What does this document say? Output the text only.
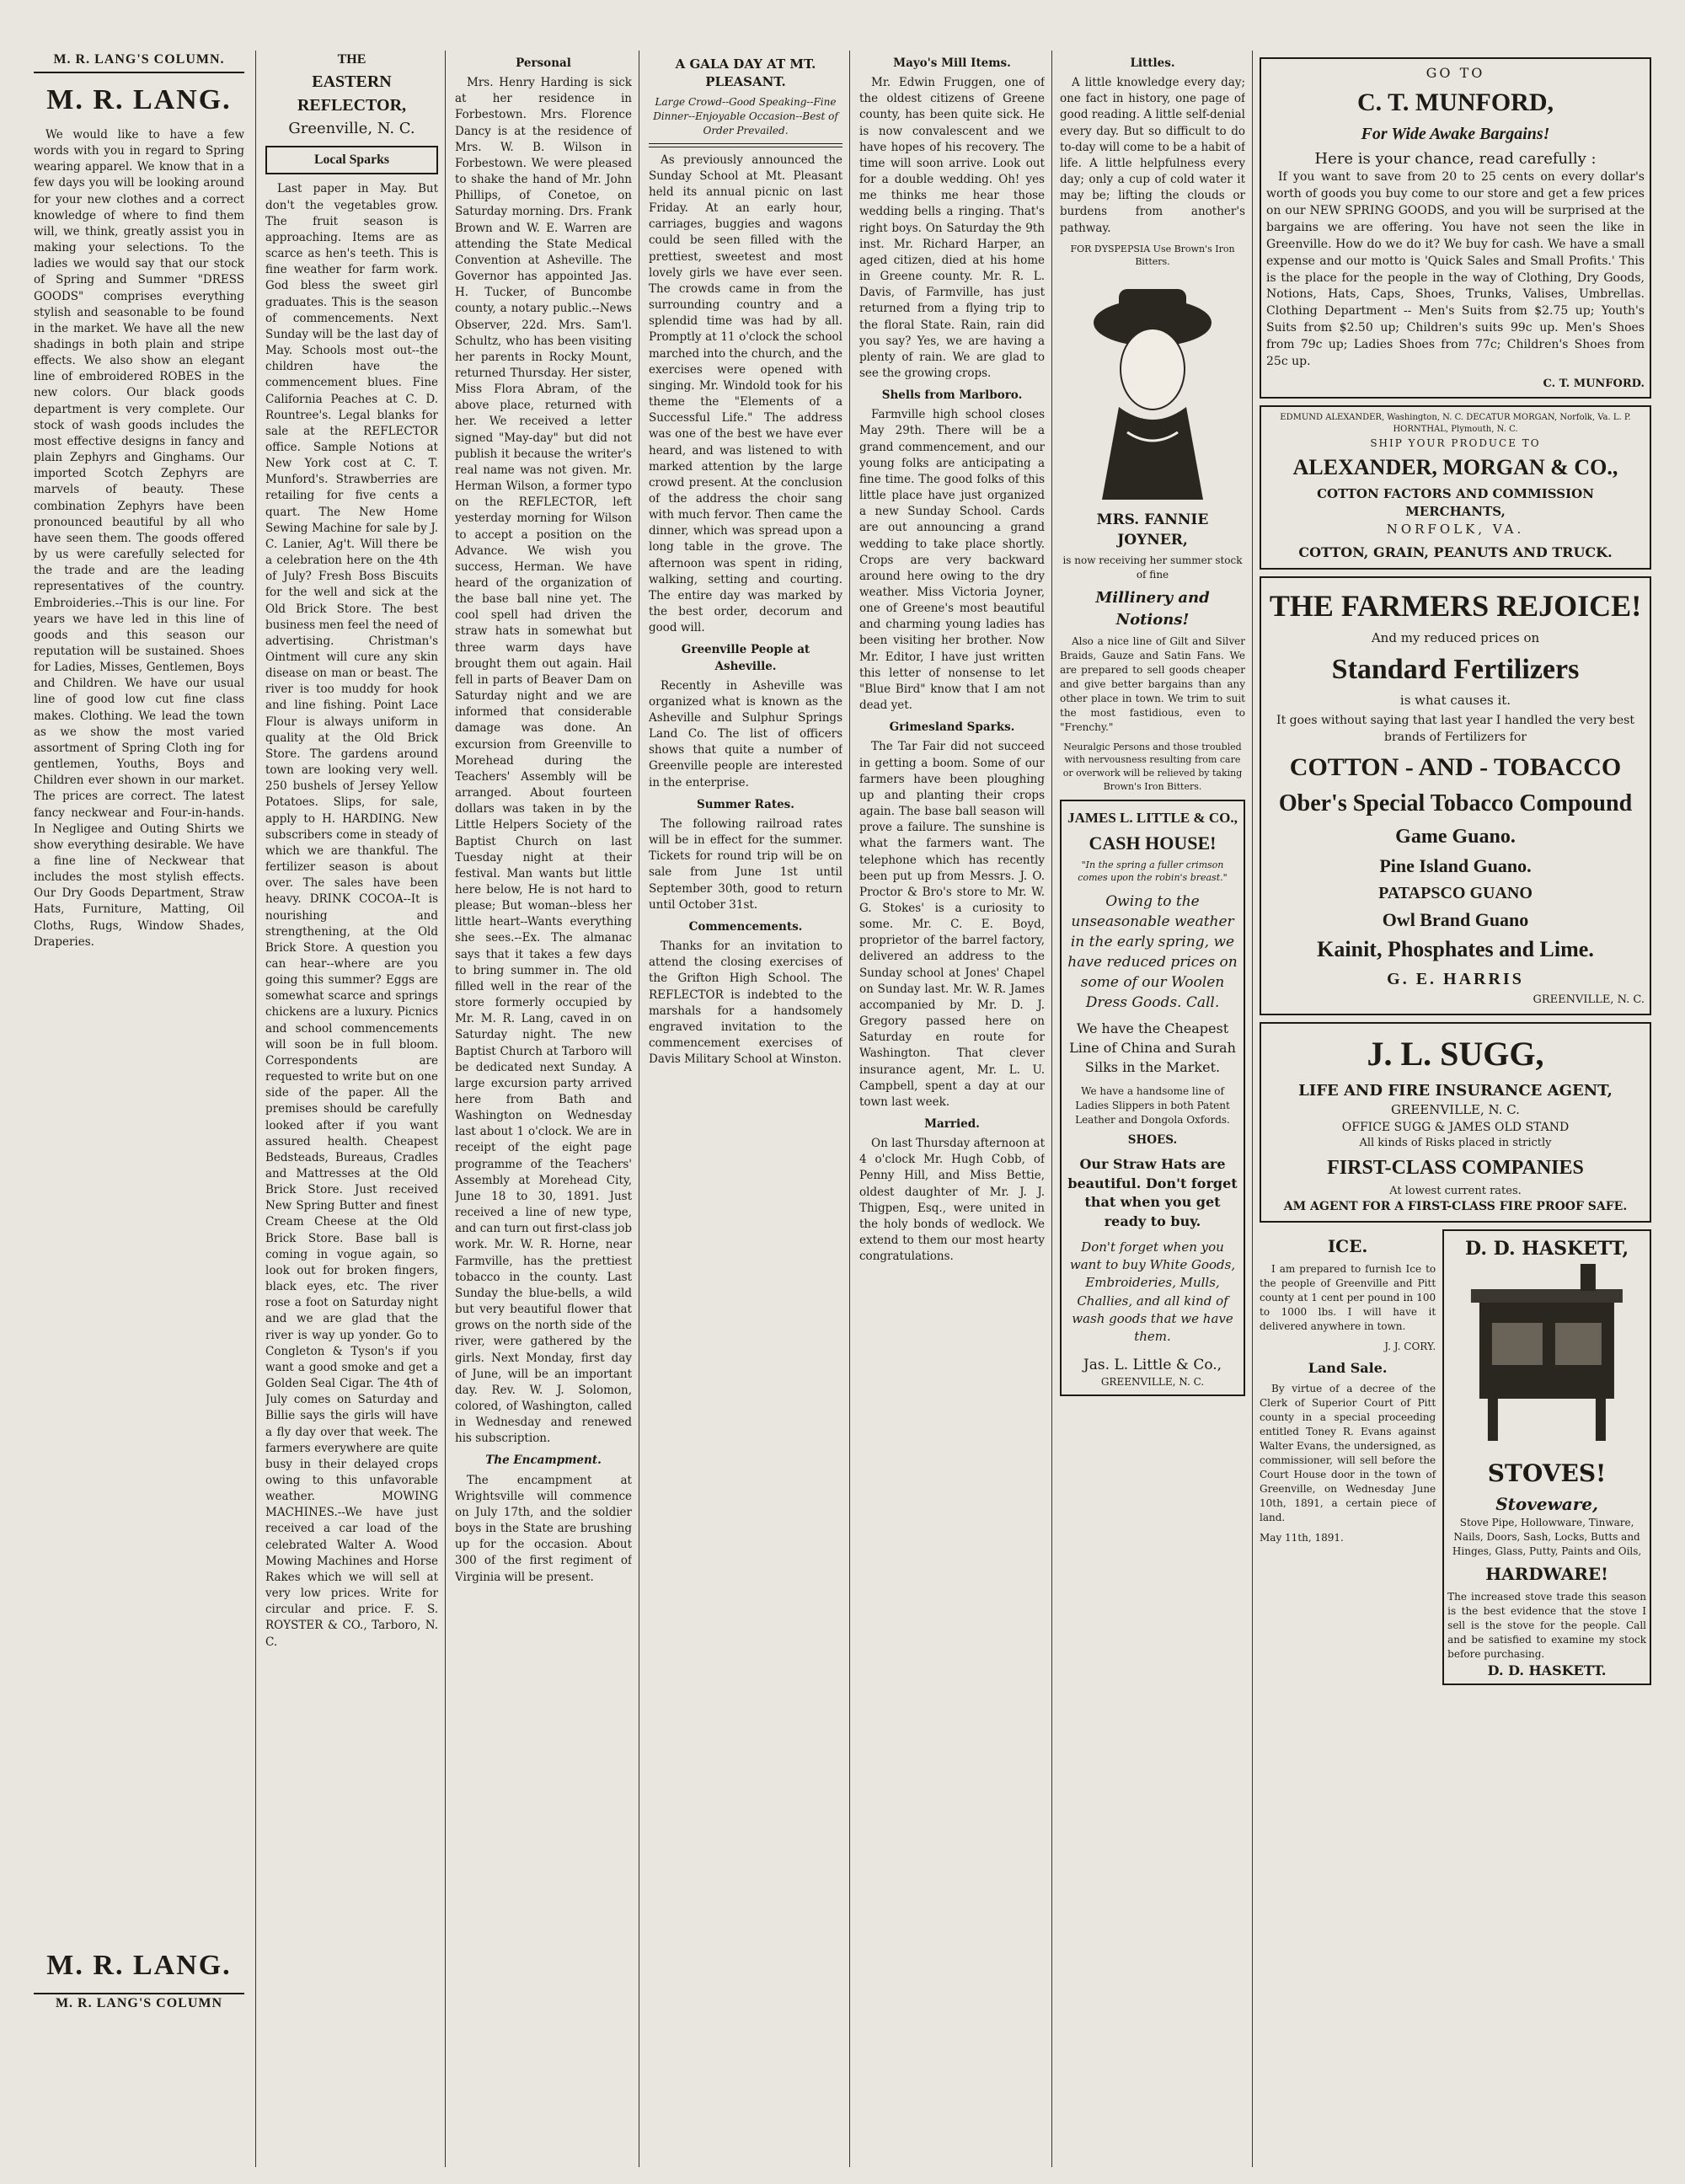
M. R. LANG'S COLUMN.
M. R. LANG.

We would like to have a few words with you in regard to Spring wearing apparel. We know that in a few days you will be looking around for your new clothes and a correct knowledge of where to find them will, we think, greatly assist you in making your selections. To the ladies we would say that our stock of Spring and Summer "DRESS GOODS" comprises everything stylish and seasonable to be found in the market. We have all the new shadings in both plain and stripe effects. We also show an elegant line of embroidered ROBES in the new colors. Our black goods department is very complete. Our stock of wash goods includes the most effective designs in fancy and plain Zephyrs and Ginghams. Our imported Scotch Zephyrs are marvels of beauty. These combination Zephyrs have been pronounced beautiful by all who have seen them. The goods offered by us were carefully selected for the trade and are the leading representatives of the country. Embroideries.--This is our line. For years we have led in this line of goods and this season our reputation will be sustained. Shoes for Ladies, Misses, Gentlemen, Boys and Children. We have our usual line of good low cut fine class makes. Clothing. We lead the town as we show the most varied assortment of Spring Cloth ing for gentlemen, Youths, Boys and Children ever shown in our market. The prices are correct. The latest fancy neckwear and Four-in-hands. In Negligee and Outing Shirts we show everything desirable. We have a fine line of Neckwear that includes the most stylish effects. Our Dry Goods Department, Straw Hats, Furniture, Matting, Oil Cloths, Rugs, Window Shades, Draperies.

M. R. LANG.
M. R. LANG'S COLUMN
THE
EASTERN REFLECTOR,
Greenville, N. C.
Local Sparks

Last paper in May. But don't the vegetables grow. The fruit season is approaching. Items are as scarce as hen's teeth. This is fine weather for farm work. God bless the sweet girl graduates. This is the season of commencements. Next Sunday will be the last day of May. Schools most out--the children have the commencement blues. Fine California Peaches at C. D. Rountree's. Legal blanks for sale at the REFLECTOR office. Sample Notions at New York cost at C. T. Munford's. Strawberries are retailing for five cents a quart. The New Home Sewing Machine for sale by J. C. Lanier, Ag't. Will there be a celebration here on the 4th of July? Fresh Boss Biscuits for the well and sick at the Old Brick Store. The best business men feel the need of advertising. Christman's Ointment will cure any skin disease on man or beast. The river is too muddy for hook and line fishing. Point Lace Flour is always uniform in quality at the Old Brick Store. The gardens around town are looking very well. 250 bushels of Jersey Yellow Potatoes. Slips, for sale, apply to H. HARDING. New subscribers come in steady of which we are thankful. The fertilizer season is about over. The sales have been heavy. DRINK COCOA--It is nourishing and strengthening, at the Old Brick Store. A question you can hear--where are you going this summer? Eggs are somewhat scarce and springs chickens are a luxury. Picnics and school commencements will soon be in full bloom. Correspondents are requested to write but on one side of the paper. All the premises should be carefully looked after if you want assured health. Cheapest Bedsteads, Bureaus, Cradles and Mattresses at the Old Brick Store. Just received New Spring Butter and finest Cream Cheese at the Old Brick Store. Base ball is coming in vogue again, so look out for broken fingers, black eyes, etc. The river rose a foot on Saturday night and we are glad that the river is way up yonder. Go to Congleton & Tyson's if you want a good smoke and get a Golden Seal Cigar. The 4th of July comes on Saturday and Billie says the girls will have a fly day over that week. The farmers everywhere are quite busy in their delayed crops owing to this unfavorable weather. MOWING MACHINES.--We have just received a car load of the celebrated Walter A. Wood Mowing Machines and Horse Rakes which we will sell at very low prices. Write for circular and price. F. S. ROYSTER & CO., Tarboro, N. C.

Personal

Mrs. Henry Harding is sick at her residence in Forbestown. Mrs. Florence Dancy is at the residence of Mrs. W. B. Wilson in Forbestown. We were pleased to shake the hand of Mr. John Phillips, of Conetoe, on Saturday morning. Drs. Frank Brown and W. E. Warren are attending the State Medical Convention at Asheville. The Governor has appointed Jas. H. Tucker, of Buncombe county, a notary public.--News Observer, 22d. Mrs. Sam'l. Schultz, who has been visiting her parents in Rocky Mount, returned Thursday. Her sister, Miss Flora Abram, of the above place, returned with her. We received a letter signed "May-day" but did not publish it because the writer's real name was not given. Mr. Herman Wilson, a former typo on the REFLECTOR, left yesterday morning for Wilson to accept a position on the Advance. We wish you success, Herman. We have heard of the organization of the base ball nine yet. The cool spell had driven the straw hats in somewhat but three warm days have brought them out again. Hail fell in parts of Beaver Dam on Saturday night and we are informed that considerable damage was done. An excursion from Greenville to Morehead during the Teachers' Assembly will be arranged. About fourteen dollars was taken in by the Little Helpers Society of the Baptist Church on last Tuesday night at their festival. Man wants but little here below, He is not hard to please; But woman--bless her little heart--Wants everything she sees.--Ex. The almanac says that it takes a few days to bring summer in. The old filled well in the rear of the store formerly occupied by Mr. M. R. Lang, caved in on Saturday night. The new Baptist Church at Tarboro will be dedicated next Sunday. A large excursion party arrived here from Bath and Washington on Wednesday last about 1 o'clock. We are in receipt of the eight page programme of the Teachers' Assembly at Morehead City, June 18 to 30, 1891. Just received a line of new type, and can turn out first-class job work. Mr. W. R. Horne, near Farmville, has the prettiest tobacco in the county. Last Sunday the blue-bells, a wild but very beautiful flower that grows on the north side of the river, were gathered by the girls. Next Monday, first day of June, will be an important day. Rev. W. J. Solomon, colored, of Washington, called in Wednesday and renewed his subscription.

The Encampment.

The encampment at Wrightsville will commence on July 17th, and the soldier boys in the State are brushing up for the occasion. About 300 of the first regiment of Virginia will be present.

A GALA DAY AT MT. PLEASANT.
Large Crowd--Good Speaking--Fine Dinner--Enjoyable Occasion--Best of Order Prevailed.

As previously announced the Sunday School at Mt. Pleasant held its annual picnic on last Friday. At an early hour, carriages, buggies and wagons could be seen filled with the prettiest, sweetest and most lovely girls we have ever seen. The crowds came in from the surrounding country and a splendid time was had by all. Promptly at 11 o'clock the school marched into the church, and the exercises were opened with singing. Mr. Windold took for his theme the "Elements of a Successful Life." The address was one of the best we have ever heard, and was listened to with marked attention by the large crowd present. At the conclusion of the address the choir sang with much fervor. Then came the dinner, which was spread upon a long table in the grove. The afternoon was spent in riding, walking, setting and courting. The entire day was marked by the best order, decorum and good will.

Greenville People at Asheville.

Recently in Asheville was organized what is known as the Asheville and Sulphur Springs Land Co. The list of officers shows that quite a number of Greenville people are interested in the enterprise.

Summer Rates.

The following railroad rates will be in effect for the summer. Tickets for round trip will be on sale from June 1st until September 30th, good to return until October 31st.

Commencements.

Thanks for an invitation to attend the closing exercises of the Grifton High School. The REFLECTOR is indebted to the marshals for a handsomely engraved invitation to the commencement exercises of Davis Military School at Winston.

Mayo's Mill Items.

Mr. Edwin Fruggen, one of the oldest citizens of Greene county, has been quite sick. He is now convalescent and we have hopes of his recovery. The time will soon arrive. Look out for a double wedding. Oh! yes me thinks me hear those wedding bells a ringing. That's right boys. On Saturday the 9th inst. Mr. Richard Harper, an aged citizen, died at his home in Greene county. Mr. R. L. Davis, of Farmville, has just returned from a flying trip to the floral State. Rain, rain did you say? Yes, we are having a plenty of rain. We are glad to see the growing crops.

Shells from Marlboro.

Farmville high school closes May 29th. There will be a grand commencement, and our young folks are anticipating a fine time. The good folks of this little place have just organized a new Sunday School. Cards are out announcing a grand wedding to take place shortly. Crops are very backward around here owing to the dry weather. Miss Victoria Joyner, one of Greene's most beautiful and charming young ladies has been visiting her brother. Now Mr. Editor, I have just written this letter of nonsense to let "Blue Bird" know that I am not dead yet.

Grimesland Sparks.

The Tar Fair did not succeed in getting a boom. Some of our farmers have been ploughing up and planting their crops again. The base ball season will prove a failure. The sunshine is what the farmers want. The telephone which has recently been put up from Messrs. J. O. Proctor & Bro's store to Mr. W. G. Stokes' is a curiosity to some. Mr. C. E. Boyd, proprietor of the barrel factory, delivered an address to the Sunday school at Jones' Chapel on Sunday last. Mr. W. R. James accompanied by Mr. D. J. Gregory passed here on Saturday en route for Washington. That clever insurance agent, Mr. L. U. Campbell, spent a day at our town last week.

Married.

On last Thursday afternoon at 4 o'clock Mr. Hugh Cobb, of Penny Hill, and Miss Bettie, oldest daughter of Mr. J. J. Thigpen, Esq., were united in the holy bonds of wedlock. We extend to them our most hearty congratulations.

Littles.

A little knowledge every day; one fact in history, one page of good reading. A little self-denial every day. But so difficult to do to-day will come to be a habit of life. A little helpfulness every day; only a cup of cold water it may be; lifting the clouds or burdens from another's pathway.

FOR DYSPEPSIA Use Brown's Iron Bitters.
MRS. FANNIE JOYNER,
is now receiving her summer stock of fine
Millinery and Notions!

Also a nice line of Gilt and Silver Braids, Gauze and Satin Fans. We are prepared to sell goods cheaper and give better bargains than any other place in town. We trim to suit the most fastidious, even to "Frenchy."

Neuralgic Persons and those troubled with nervousness resulting from care or overwork will be relieved by taking Brown's Iron Bitters.
JAMES L. LITTLE & CO.,
CASH HOUSE!
"In the spring a fuller crimson comes upon the robin's breast."
Owing to the unseasonable weather in the early spring, we have reduced prices on some of our Woolen Dress Goods. Call.
We have the Cheapest Line of China and Surah Silks in the Market.
We have a handsome line of Ladies Slippers in both Patent Leather and Dongola Oxfords.
SHOES.
Our Straw Hats are beautiful. Don't forget that when you get ready to buy.
Don't forget when you want to buy White Goods, Embroideries, Mulls, Challies, and all kind of wash goods that we have them.
Jas. L. Little & Co.,
GREENVILLE, N. C.
GO TO
C. T. MUNFORD,
For Wide Awake Bargains!
Here is your chance, read carefully :

If you want to save from 20 to 25 cents on every dollar's worth of goods you buy come to our store and get a few prices on our NEW SPRING GOODS, and you will be surprised at the bargains we are offering. You have not seen the like in Greenville. How do we do it? We buy for cash. We have a small expense and our motto is 'Quick Sales and Small Profits.' This is the place for the people in the way of Clothing, Dry Goods, Notions, Hats, Caps, Shoes, Trunks, Valises, Umbrellas. Clothing Department -- Men's Suits from $2.75 up; Youth's Suits from $2.50 up; Children's suits 99c up. Men's Shoes from 79c up; Ladies Shoes from 77c; Children's Shoes from 25c up.

C. T. MUNFORD.
EDMUND ALEXANDER, Washington, N. C. DECATUR MORGAN, Norfolk, Va. L. P. HORNTHAL, Plymouth, N. C.
SHIP YOUR PRODUCE TO
ALEXANDER, MORGAN & CO.,
COTTON FACTORS AND COMMISSION MERCHANTS,
NORFOLK, VA.
COTTON, GRAIN, PEANUTS AND TRUCK.
THE FARMERS REJOICE!
And my reduced prices on
Standard Fertilizers
is what causes it.
It goes without saying that last year I handled the very best brands of Fertilizers for
COTTON - AND - TOBACCO
Ober's Special Tobacco Compound
Game Guano.
Pine Island Guano.
PATAPSCO GUANO
Owl Brand Guano
Kainit, Phosphates and Lime.
G. E. HARRIS
GREENVILLE, N. C.
J. L. SUGG,
LIFE AND FIRE INSURANCE AGENT,
GREENVILLE, N. C.
OFFICE SUGG & JAMES OLD STAND
All kinds of Risks placed in strictly
FIRST-CLASS COMPANIES
At lowest current rates.
AM AGENT FOR A FIRST-CLASS FIRE PROOF SAFE.
ICE.

I am prepared to furnish Ice to the people of Greenville and Pitt county at 1 cent per pound in 100 to 1000 lbs. I will have it delivered anywhere in town.

J. J. CORY.
Land Sale.

By virtue of a decree of the Clerk of Superior Court of Pitt county in a special proceeding entitled Toney R. Evans against Walter Evans, the undersigned, as commissioner, will sell before the Court House door in the town of Greenville, on Wednesday June 10th, 1891, a certain piece of land.

May 11th, 1891.
D. D. HASKETT,
STOVES!
Stoveware,
Stove Pipe, Hollowware, Tinware, Nails, Doors, Sash, Locks, Butts and Hinges, Glass, Putty, Paints and Oils,
HARDWARE!
The increased stove trade this season is the best evidence that the stove I sell is the stove for the people. Call and be satisfied to examine my stock before purchasing.
D. D. HASKETT.
